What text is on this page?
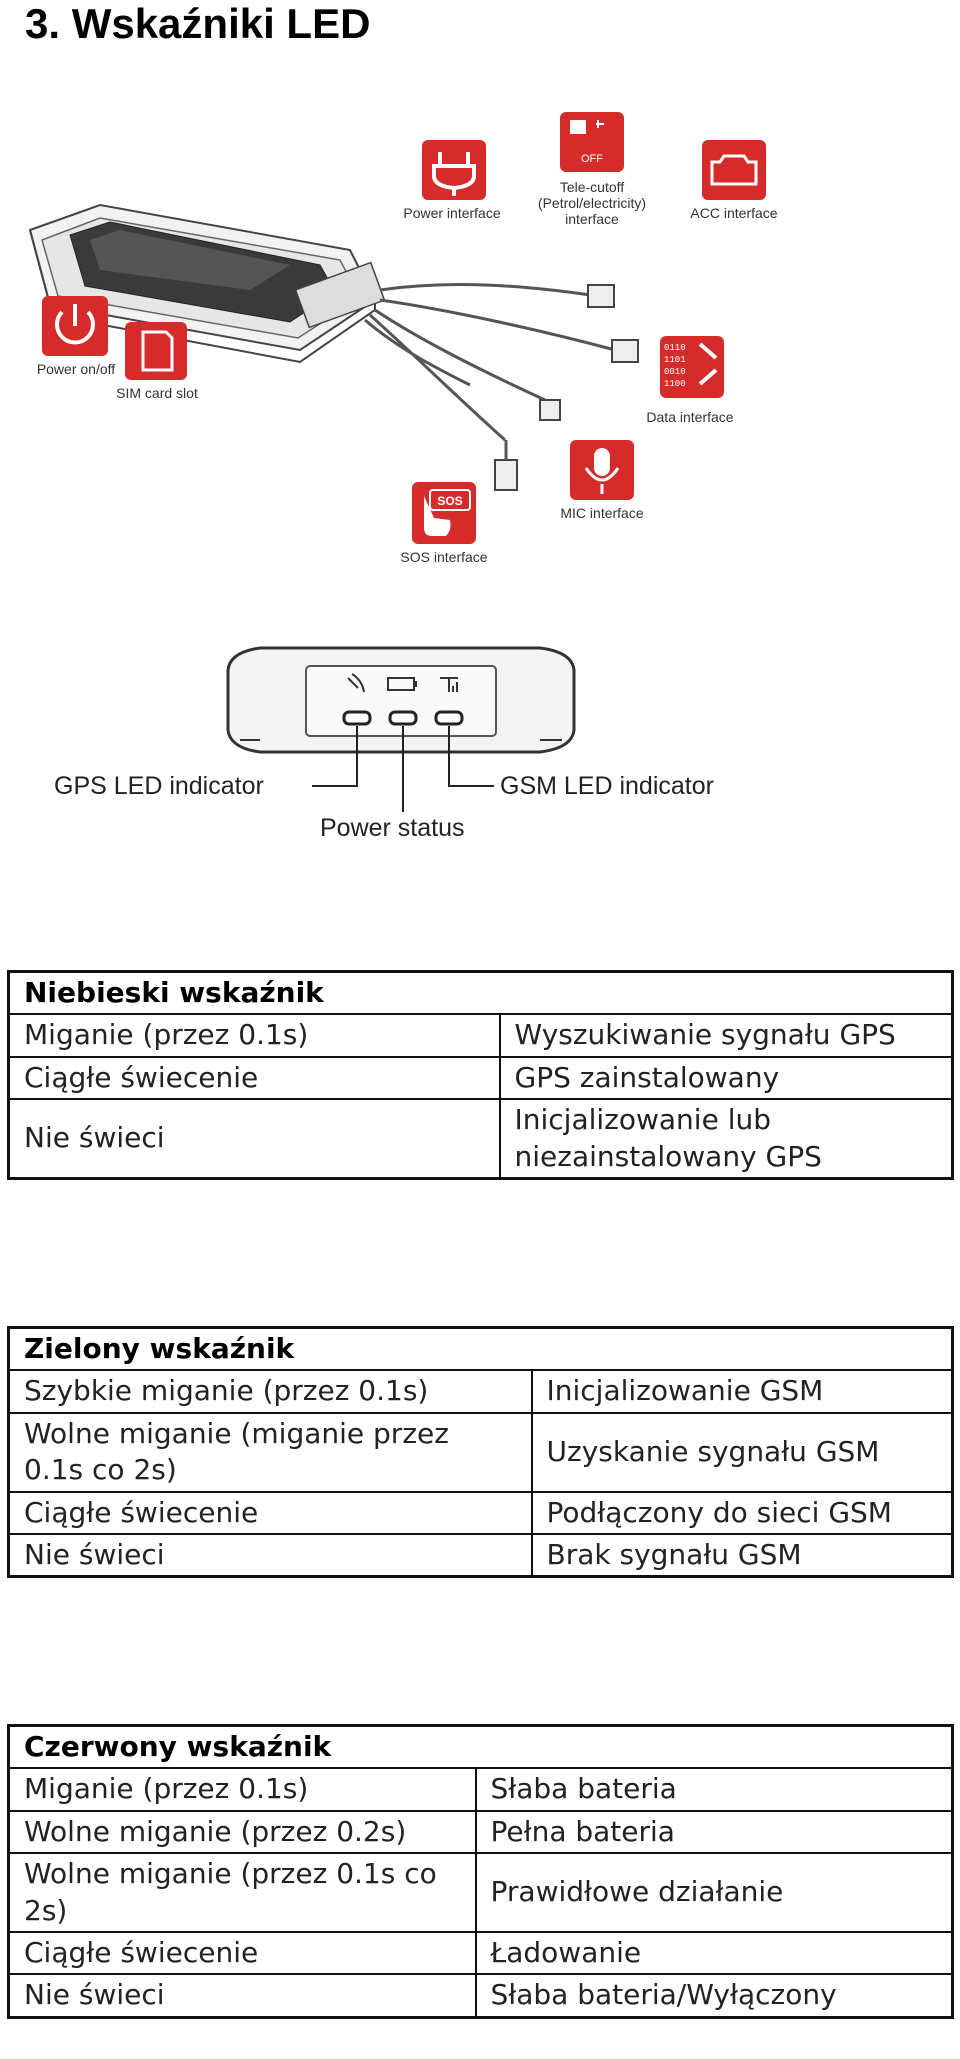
3. Wskaźniki LED
Power interface
OFF
Tele-cutoff
(Petrol/electricity)
interface	ACC interface
Power on/off
SIM card slot
0110
1101
0010
1100
Data interface
MIC interface
SOS
SOS interface
GPS LED indicator	GSM LED indicator
Power status
Niebieski wskaźnik	
Miganie (przez 0.1s)	Wyszukiwanie sygnału GPS
Ciągłe świecenie	GPS zainstalowany
Nie świeci	Inicjalizowanie lub niezainstalowany GPS
Zielony wskaźnik	
Szybkie miganie (przez 0.1s)	Inicjalizowanie GSM
Wolne miganie (miganie przez 0.1s co 2s)	Uzyskanie sygnału GSM
Ciągłe świecenie	Podłączony do sieci GSM
Nie świeci	Brak sygnału GSM
Czerwony wskaźnik	
Miganie (przez 0.1s)	Słaba bateria
Wolne miganie (przez 0.2s)	Pełna bateria
Wolne miganie (przez 0.1s co 2s)	Prawidłowe działanie
Ciągłe świecenie	Ładowanie
Nie świeci	Słaba bateria/Wyłączony
